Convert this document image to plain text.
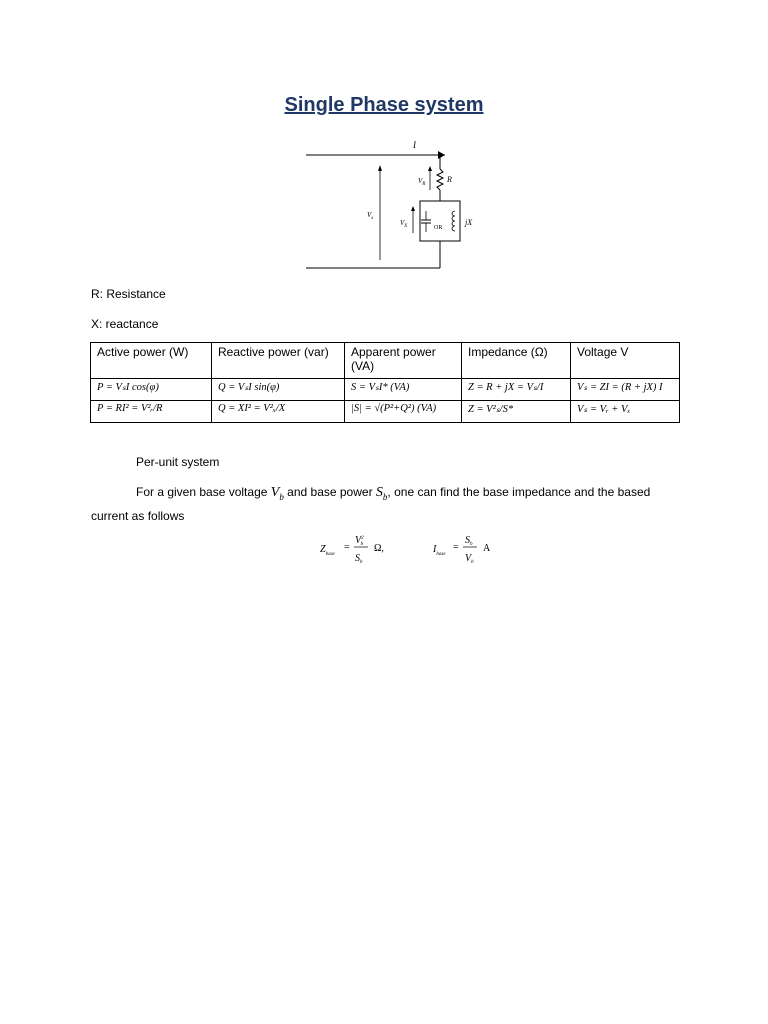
Single Phase system
I
R
$V_R$
OR
jX
$V_X$
$V_s$
R: Resistance
X: reactance
Active power (W)	Reactive power (var)	Apparent power (VA)	Impedance (Ω)	Voltage V
P = VₛI cos(φ)	Q = VₛI sin(φ)	S = VₛI* (VA)	Z = R + jX = Vₛ/I	Vₛ = ZI = (R + jX) I
P = RI² = V²ᵣ/R	Q = XI² = V²ₓ/X	|S| = √(P²+Q²) (VA)	Z = V²ₛ/S*	Vₛ = Vᵣ + Vₓ
Per-unit system
For a given base voltage $V_b$ and base power $S_b$, one can find the base impedance and the based current as follows
$Z_{base}$
=
$V^2$ b
$S_b$
Ω,	$I_{base}$
=
$S_b$
$V_b$
A
